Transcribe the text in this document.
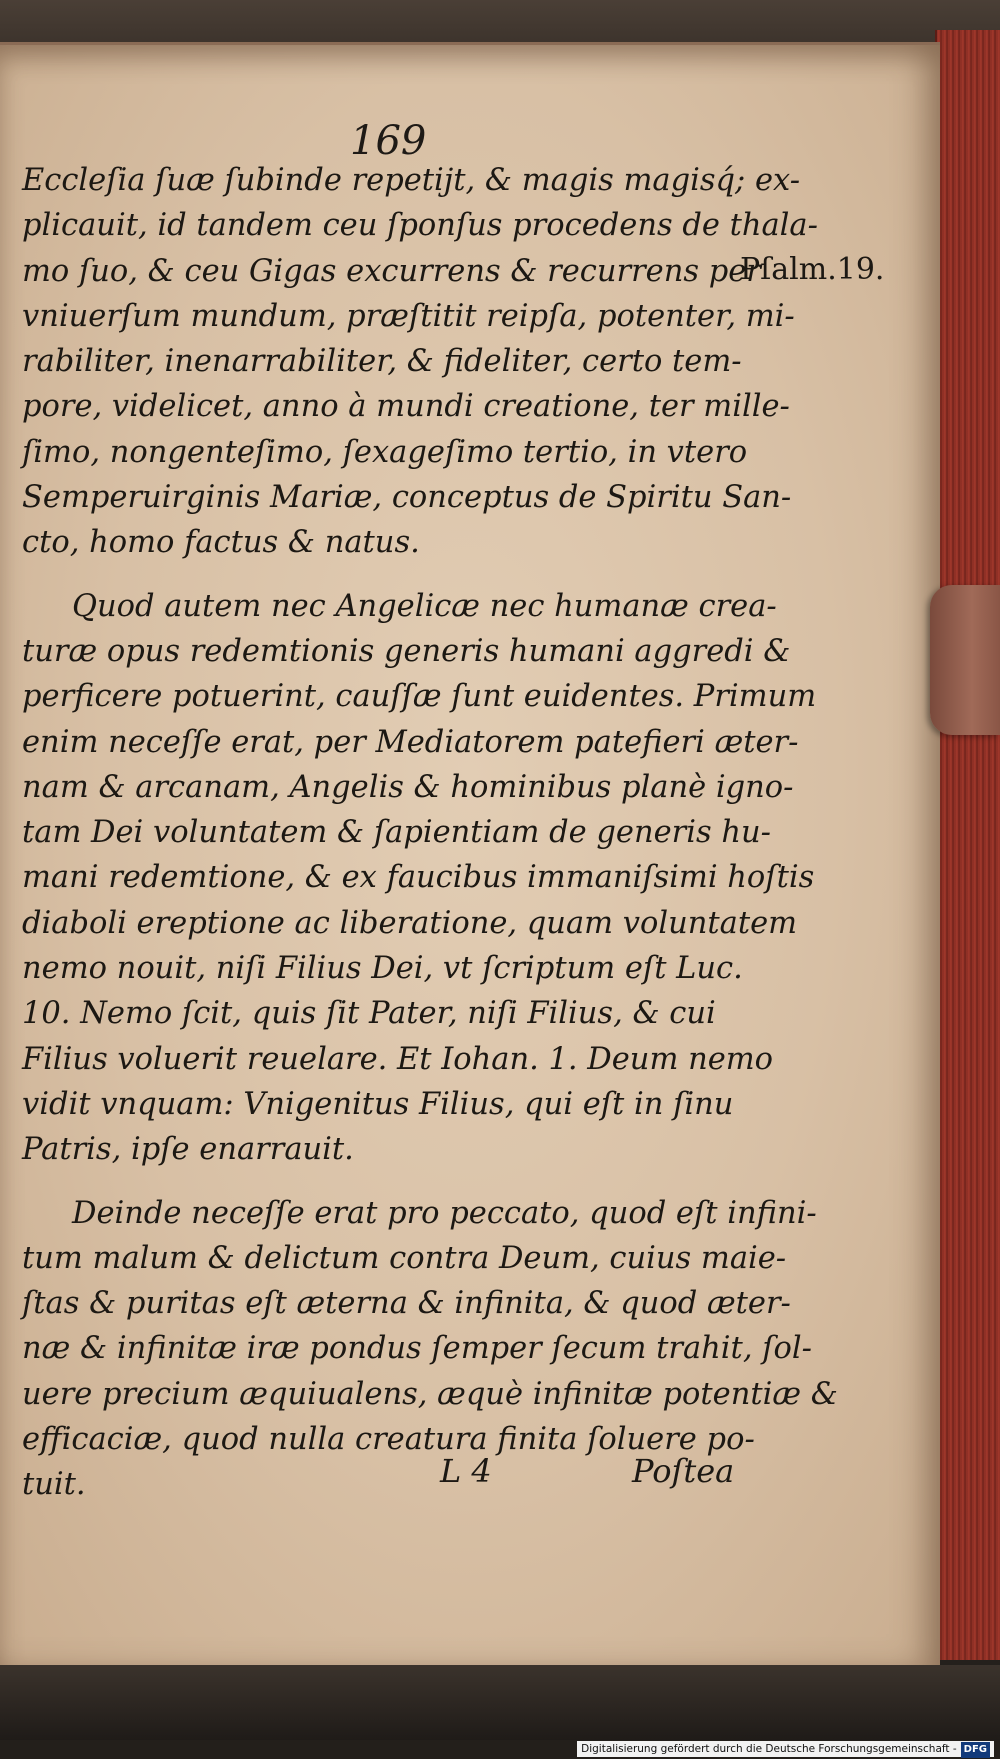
169
Pſalm.19.
Eccleſia ſuæ ſubinde repetijt, & magis magisq́; ex-
plicauit, id tandem ceu ſponſus procedens de thala-
mo ſuo, & ceu Gigas excurrens & recurrens per
vniuerſum mundum, præſtitit reipſa, potenter, mi-
rabiliter, inenarrabiliter, & fideliter, certo tem-
pore, videlicet, anno à mundi creatione, ter mille-
ſimo, nongenteſimo, ſexageſimo tertio, in vtero
Semperuirginis Mariæ, conceptus de Spiritu San-
cto, homo factus & natus.
Quod autem nec Angelicæ nec humanæ crea-
turæ opus redemtionis generis humani aggredi &
perficere potuerint, cauſſæ ſunt euidentes. Primum
enim neceſſe erat, per Mediatorem patefieri æter-
nam & arcanam, Angelis & hominibus planè igno-
tam Dei voluntatem & ſapientiam de generis hu-
mani redemtione, & ex faucibus immaniſsimi hoſtis
diaboli ereptione ac liberatione, quam voluntatem
nemo nouit, niſi Filius Dei, vt ſcriptum eſt Luc.
10. Nemo ſcit, quis ſit Pater, niſi Filius, & cui
Filius voluerit reuelare. Et Iohan. 1. Deum nemo
vidit vnquam: Vnigenitus Filius, qui eſt in ſinu
Patris, ipſe enarrauit.
Deinde neceſſe erat pro peccato, quod eſt infini-
tum malum & delictum contra Deum, cuius maie-
ſtas & puritas eſt æterna & infinita, & quod æter-
næ & infinitæ iræ pondus ſemper ſecum trahit, ſol-
uere precium æquiualens, æquè infinitæ potentiæ &
efficaciæ, quod nulla creatura finita ſoluere po-
tuit.	L 4	Poſtea
Digitalisierung gefördert durch die Deutsche Forschungsgemeinschaft - DFG
